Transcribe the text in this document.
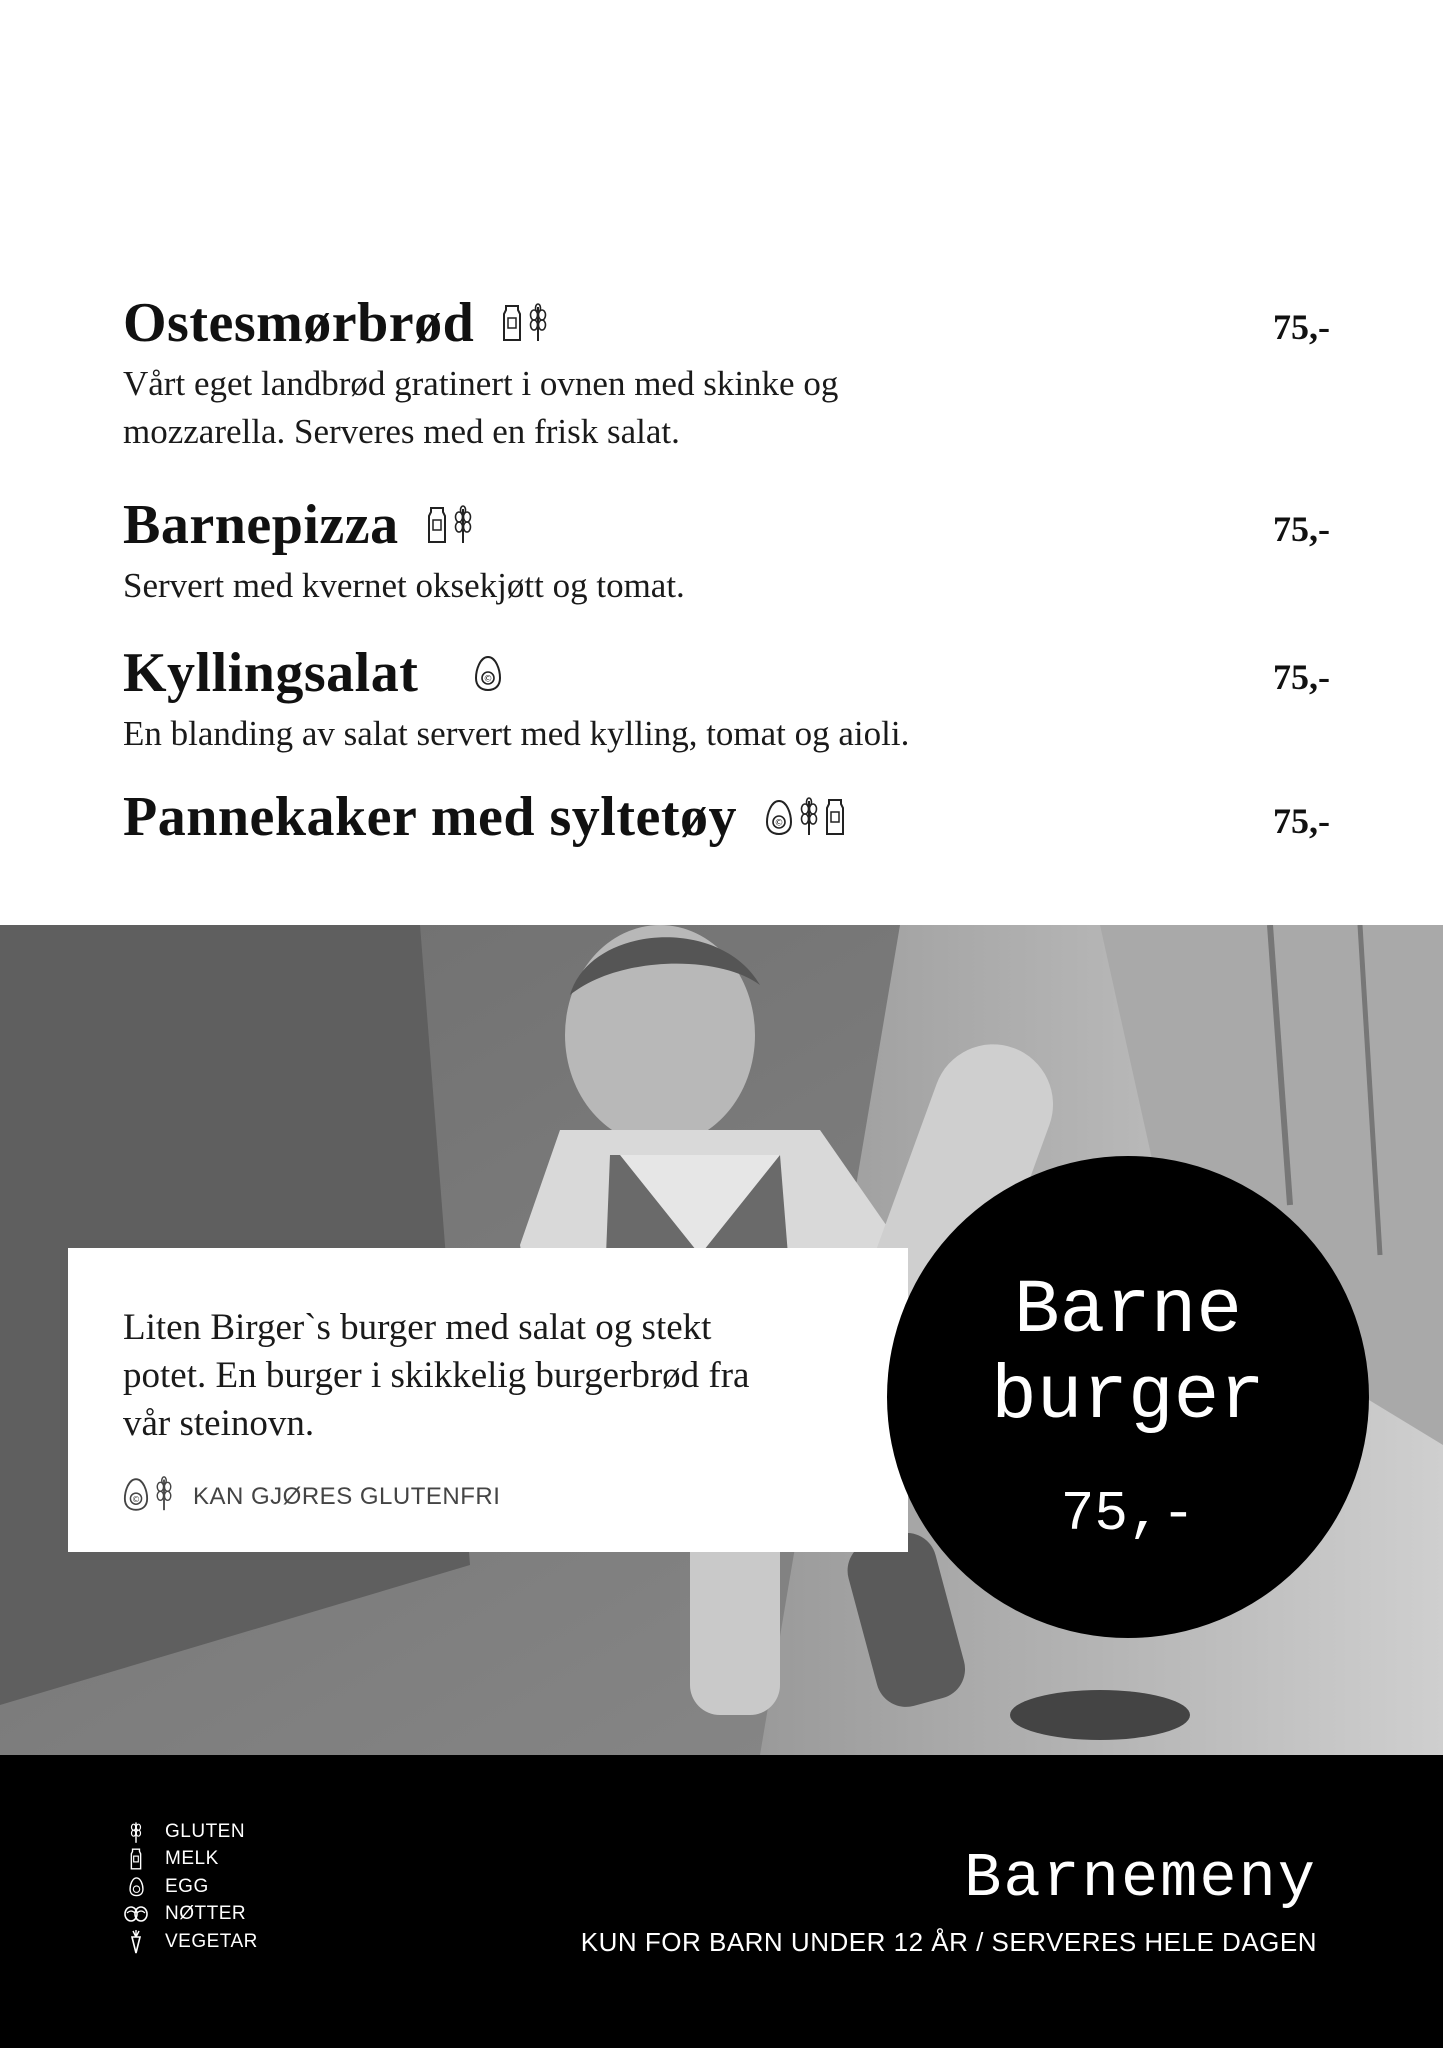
Ostesmørbrød	75,-
Vårt eget landbrød gratinert i ovnen med skinke og mozzarella. Serveres med en frisk salat.
Barnepizza	75,-
Servert med kvernet oksekjøtt og tomat.
Kyllingsalat	©	75,-
En blanding av salat servert med kylling, tomat og aioli.
Pannekaker med syltetøy	©	75,-
Liten Birger`s burger med salat og stekt potet. En burger i skikkelig burgerbrød fra vår steinovn.
© KAN GJØRES GLUTENFRI
Barne
burger
75,-
GLUTEN
MELK
EGG
NØTTER
VEGETAR
Barnemeny
KUN FOR BARN UNDER 12 ÅR / SERVERES HELE DAGEN
